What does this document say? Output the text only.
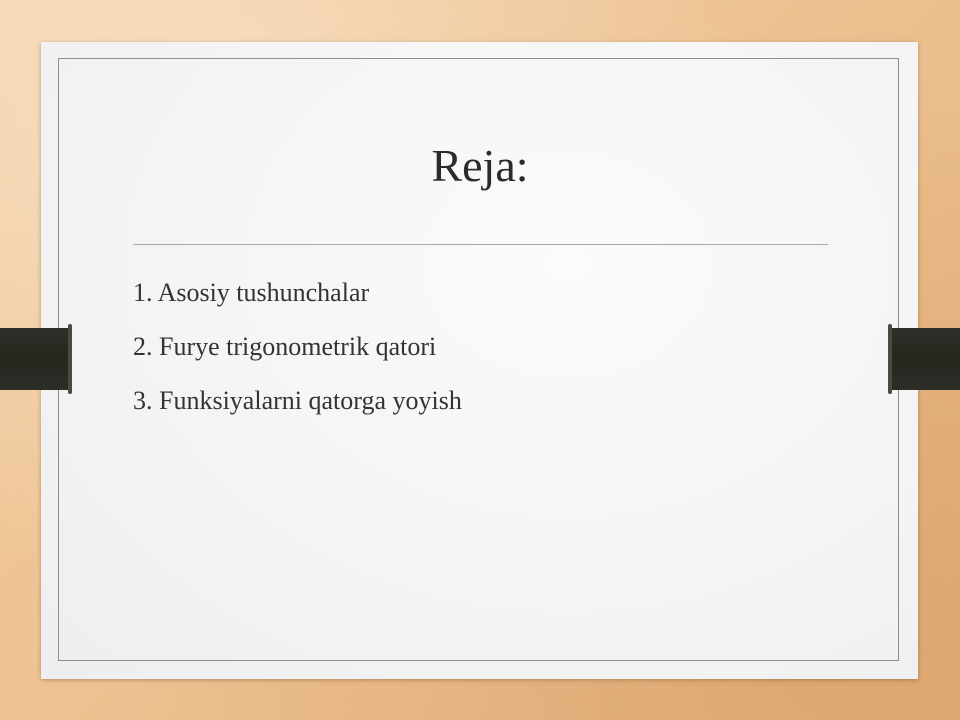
Reja:
1. Asosiy tushunchalar
2. Furye trigonometrik qatori
3. Funksiyalarni qatorga yoyish
